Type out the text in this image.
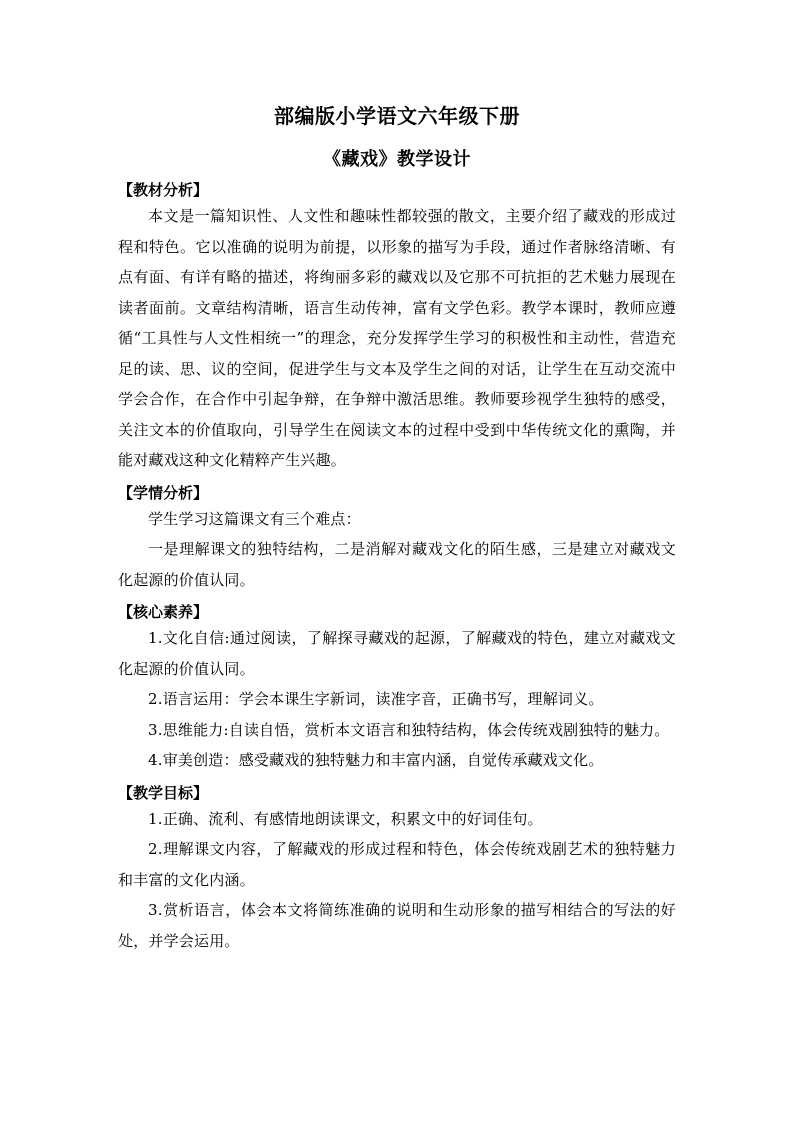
部编版小学语文六年级下册
《藏戏》教学设计
【教材分析】

本文是一篇知识性、人文性和趣味性都较强的散文，主要介绍了藏戏的形成过程和特色。它以准确的说明为前提，以形象的描写为手段，通过作者脉络清晰、有点有面、有详有略的描述，将绚丽多彩的藏戏以及它那不可抗拒的艺术魅力展现在读者面前。文章结构清晰，语言生动传神，富有文学色彩。教学本课时，教师应遵循“工具性与人文性相统一”的理念，充分发挥学生学习的积极性和主动性，营造充足的读、思、议的空间，促进学生与文本及学生之间的对话，让学生在互动交流中学会合作，在合作中引起争辩，在争辩中激活思维。教师要珍视学生独特的感受，关注文本的价值取向，引导学生在阅读文本的过程中受到中华传统文化的熏陶，并能对藏戏这种文化精粹产生兴趣。

【学情分析】

学生学习这篇课文有三个难点：

一是理解课文的独特结构，二是消解对藏戏文化的陌生感，三是建立对藏戏文化起源的价值认同。

【核心素养】

1.文化自信:通过阅读，了解探寻藏戏的起源，了解藏戏的特色，建立对藏戏文化起源的价值认同。

2.语言运用：学会本课生字新词，读准字音，正确书写，理解词义。

3.思维能力:自读自悟，赏析本文语言和独特结构，体会传统戏剧独特的魅力。

4.审美创造：感受藏戏的独特魅力和丰富内涵，自觉传承藏戏文化。

【教学目标】

1.正确、流利、有感情地朗读课文，积累文中的好词佳句。

2.理解课文内容，了解藏戏的形成过程和特色，体会传统戏剧艺术的独特魅力和丰富的文化内涵。

3.赏析语言，体会本文将简练准确的说明和生动形象的描写相结合的写法的好处，并学会运用。
